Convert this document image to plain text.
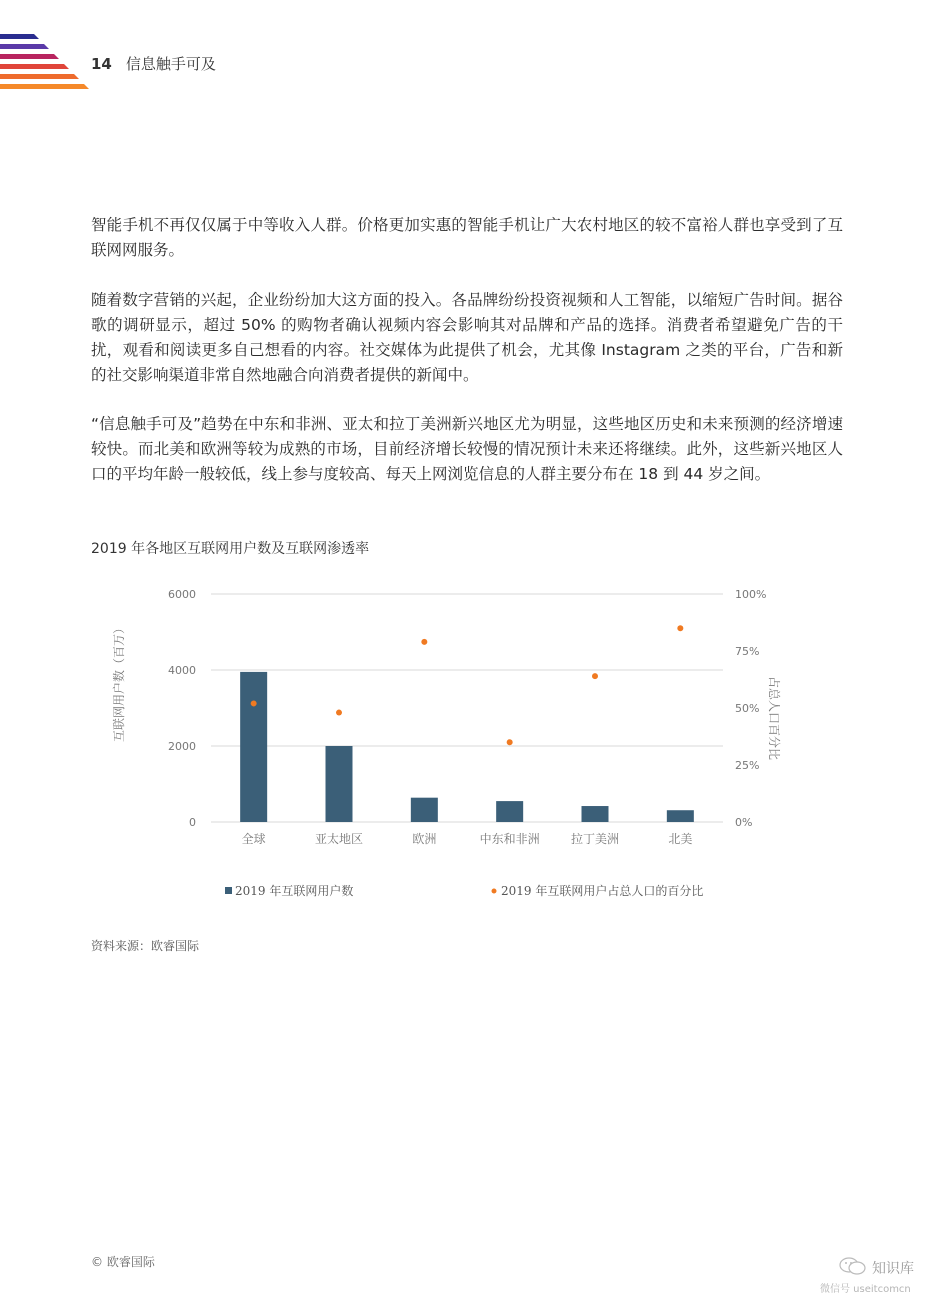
14 信息触手可及

智能手机不再仅仅属于中等收入人群。价格更加实惠的智能手机让广大农村地区的较不富裕人群也享受到了互联网网服务。

随着数字营销的兴起，企业纷纷加大这方面的投入。各品牌纷纷投资视频和人工智能，以缩短广告时间。据谷歌的调研显示，超过 50% 的购物者确认视频内容会影响其对品牌和产品的选择。消费者希望避免广告的干扰，观看和阅读更多自己想看的内容。社交媒体为此提供了机会，尤其像 Instagram 之类的平台，广告和新的社交影响渠道非常自然地融合向消费者提供的新闻中。

“信息触手可及”趋势在中东和非洲、亚太和拉丁美洲新兴地区尤为明显，这些地区历史和未来预测的经济增速较快。而北美和欧洲等较为成熟的市场，目前经济增长较慢的情况预计未来还将继续。此外，这些新兴地区人口的平均年龄一般较低，线上参与度较高、每天上网浏览信息的人群主要分布在 18 到 44 岁之间。

2019 年各地区互联网用户数及互联网渗透率
6000
4000
2000
0
100%
75%
50%
25%
0%
全球	亚太地区	欧洲	中东和非洲	拉丁美洲	北美
互联网用户数（百万）	占总人口百分比
2019 年互联网用户数	2019 年互联网用户占总人口的百分比
资料来源：欧睿国际
© 欧睿国际	知识库
微信号 useitcomcn
